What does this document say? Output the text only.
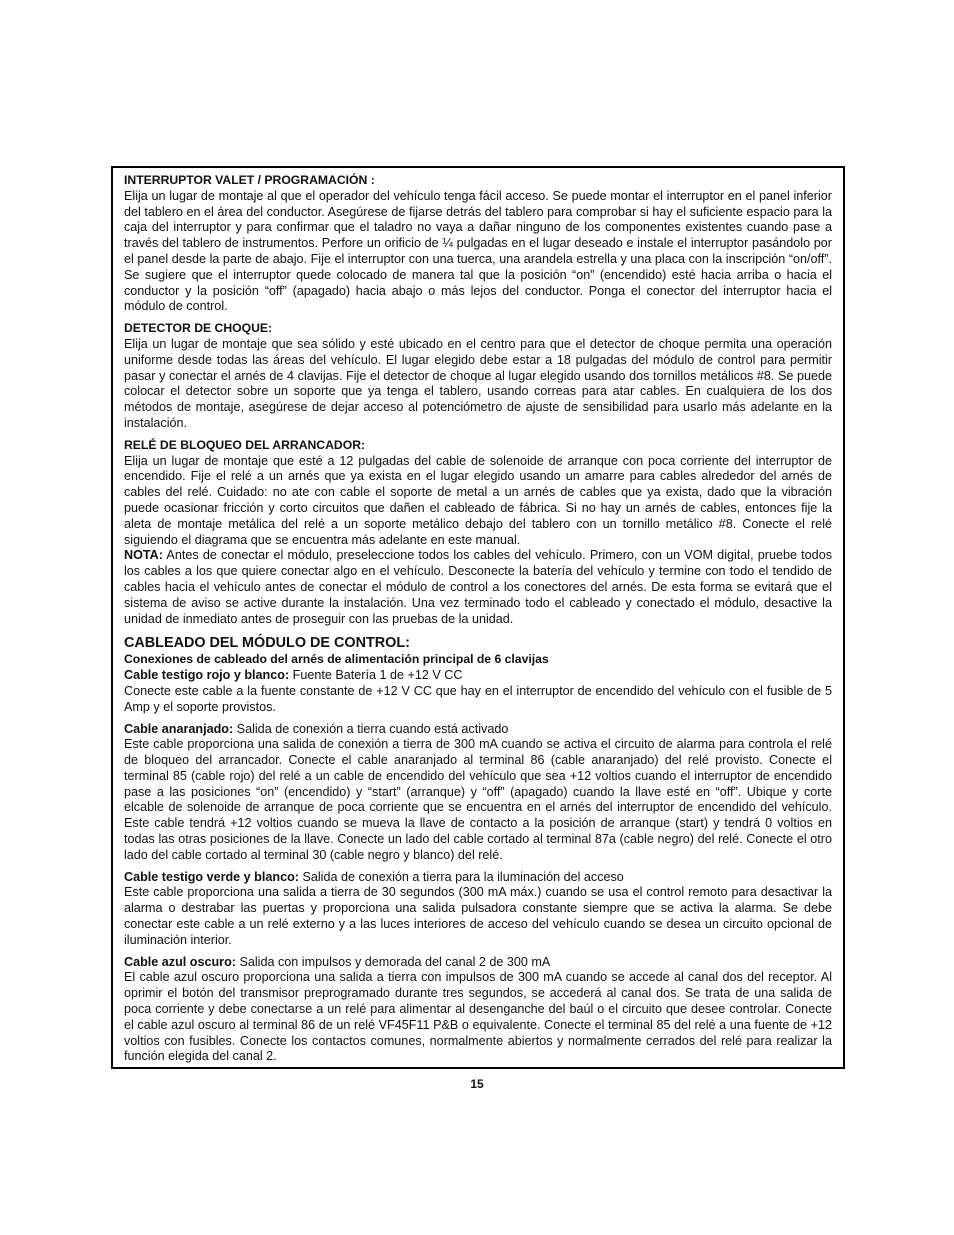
INTERRUPTOR VALET / PROGRAMACIÓN :
Elija un lugar de montaje al que el operador del vehículo tenga fácil acceso. Se puede montar el interruptor en el panel inferior del tablero en el área del conductor. Asegúrese de fijarse detrás del tablero para comprobar si hay el suficiente espacio para la caja del interruptor y para confirmar que el taladro no vaya a dañar ninguno de los componentes existentes cuando pase a través del tablero de instrumentos. Perfore un orificio de ¼ pulgadas en el lugar deseado e instale el interruptor pasándolo por el panel desde la parte de abajo. Fije el interruptor con una tuerca, una arandela estrella y una placa con la inscripción “on/off”. Se sugiere que el interruptor quede colocado de manera tal que la posición “on” (encendido) esté hacia arriba o hacia el conductor y la posición “off” (apagado) hacia abajo o más lejos del conductor. Ponga el conector del interruptor hacia el módulo de control.
DETECTOR DE CHOQUE:
Elija un lugar de montaje que sea sólido y esté ubicado en el centro para que el detector de choque permita una operación uniforme desde todas las áreas del vehículo. El lugar elegido debe estar a 18 pulgadas del módulo de control para permitir pasar y conectar el arnés de 4 clavijas. Fije el detector de choque al lugar elegido usando dos tornillos metálicos #8. Se puede colocar el detector sobre un soporte que ya tenga el tablero, usando correas para atar cables. En cualquiera de los dos métodos de montaje, asegúrese de dejar acceso al potenciómetro de ajuste de sensibilidad para usarlo más adelante en la instalación.
RELÉ DE BLOQUEO DEL ARRANCADOR:
Elija un lugar de montaje que esté a 12 pulgadas del cable de solenoide de arranque con poca corriente del interruptor de encendido. Fije el relé a un arnés que ya exista en el lugar elegido usando un amarre para cables alrededor del arnés de cables del relé. Cuidado: no ate con cable el soporte de metal a un arnés de cables que ya exista, dado que la vibración puede ocasionar fricción y corto circuitos que dañen el cableado de fábrica. Si no hay un arnés de cables, entonces fije la aleta de montaje metálica del relé a un soporte metálico debajo del tablero con un tornillo metálico #8. Conecte el relé siguiendo el diagrama que se encuentra más adelante en este manual.
NOTA: Antes de conectar el módulo, preseleccione todos los cables del vehículo. Primero, con un VOM digital, pruebe todos los cables a los que quiere conectar algo en el vehículo. Desconecte la batería del vehículo y termine con todo el tendido de cables hacia el vehículo antes de conectar el módulo de control a los conectores del arnés. De esta forma se evitará que el sistema de aviso se active durante la instalación. Una vez terminado todo el cableado y conectado el módulo, desactive la unidad de inmediato antes de proseguir con las pruebas de la unidad.
CABLEADO DEL MÓDULO DE CONTROL:
Conexiones de cableado del arnés de alimentación principal de 6 clavijas
Cable testigo rojo y blanco: Fuente Batería 1 de +12 V CC
Conecte este cable a la fuente constante de +12 V CC que hay en el interruptor de encendido del vehículo con el fusible de 5 Amp y el soporte provistos.
Cable anaranjado: Salida de conexión a tierra cuando está activado
Este cable proporciona una salida de conexión a tierra de 300 mA cuando se activa el circuito de alarma para controla el relé de bloqueo del arrancador. Conecte el cable anaranjado al terminal 86 (cable anaranjado) del relé provisto. Conecte el terminal 85 (cable rojo) del relé a un cable de encendido del vehículo que sea +12 voltios cuando el interruptor de encendido pase a las posiciones “on” (encendido) y “start” (arranque) y “off” (apagado) cuando la llave esté en “off”. Ubique y corte elcable de solenoide de arranque de poca corriente que se encuentra en el arnés del interruptor de encendido del vehículo. Este cable tendrá +12 voltios cuando se mueva la llave de contacto a la posición de arranque (start) y tendrá 0 voltios en todas las otras posiciones de la llave. Conecte un lado del cable cortado al terminal 87a (cable negro) del relé. Conecte el otro lado del cable cortado al terminal 30 (cable negro y blanco) del relé.
Cable testigo verde y blanco: Salida de conexión a tierra para la iluminación del acceso
Este cable proporciona una salida a tierra de 30 segundos (300 mA máx.) cuando se usa el control remoto para desactivar la alarma o destrabar las puertas y proporciona una salida pulsadora constante siempre que se activa la alarma. Se debe conectar este cable a un relé externo y a las luces interiores de acceso del vehículo cuando se desea un circuito opcional de iluminación interior.
Cable azul oscuro: Salida con impulsos y demorada del canal 2 de 300 mA
El cable azul oscuro proporciona una salida a tierra con impulsos de 300 mA cuando se accede al canal dos del receptor. Al oprimir el botón del transmisor preprogramado durante tres segundos, se accederá al canal dos. Se trata de una salida de poca corriente y debe conectarse a un relé para alimentar al desenganche del baúl o el circuito que desee controlar. Conecte el cable azul oscuro al terminal 86 de un relé VF45F11 P&B o equivalente. Conecte el terminal 85 del relé a una fuente de +12 voltios con fusibles. Conecte los contactos comunes, normalmente abiertos y normalmente cerrados del relé para realizar la función elegida del canal 2.
15
